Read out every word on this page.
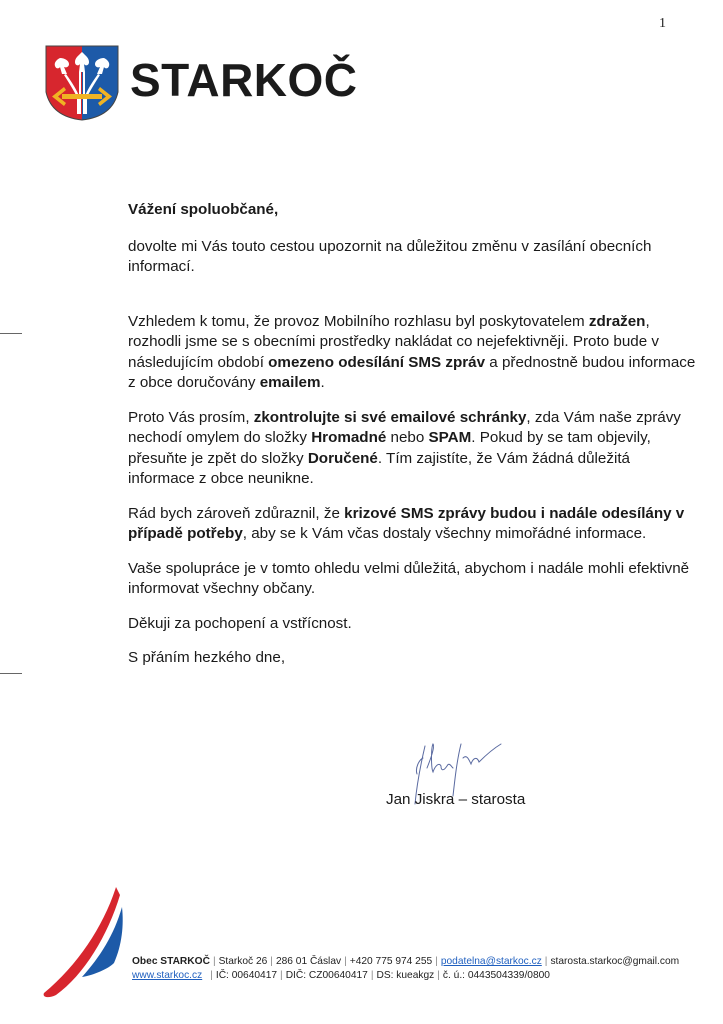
1
STARKOČ

Vážení spoluobčané,

dovolte mi Vás touto cestou upozornit na důležitou změnu v zasílání obecních informací.

Vzhledem k tomu, že provoz Mobilního rozhlasu byl poskytovatelem zdražen, rozhodli jsme se s obecními prostředky nakládat co nejefektivněji. Proto bude v následujícím období omezeno odesílání SMS zpráv a přednostně budou informace z obce doručovány emailem.

Proto Vás prosím, zkontrolujte si své emailové schránky, zda Vám naše zprávy nechodí omylem do složky Hromadné nebo SPAM. Pokud by se tam objevily, přesuňte je zpět do složky Doručené. Tím zajistíte, že Vám žádná důležitá informace z obce neunikne.

Rád bych zároveň zdůraznil, že krizové SMS zprávy budou i nadále odesílány v případě potřeby, aby se k Vám včas dostaly všechny mimořádné informace.

Vaše spolupráce je v tomto ohledu velmi důležitá, abychom i nadále mohli efektivně informovat všechny občany.

Děkuji za pochopení a vstřícnost.

S přáním hezkého dne,

Jan Jiskra – starosta
Obec STARKOČ | Starkoč 26 | 286 01 Čáslav | +420 775 974 255 | podatelna@starkoc.cz | starosta.starkoc@gmail.com
www.starkoc.cz | IČ: 00640417 | DIČ: CZ00640417 | DS: kueakgz | č. ú.: 0443504339/0800
